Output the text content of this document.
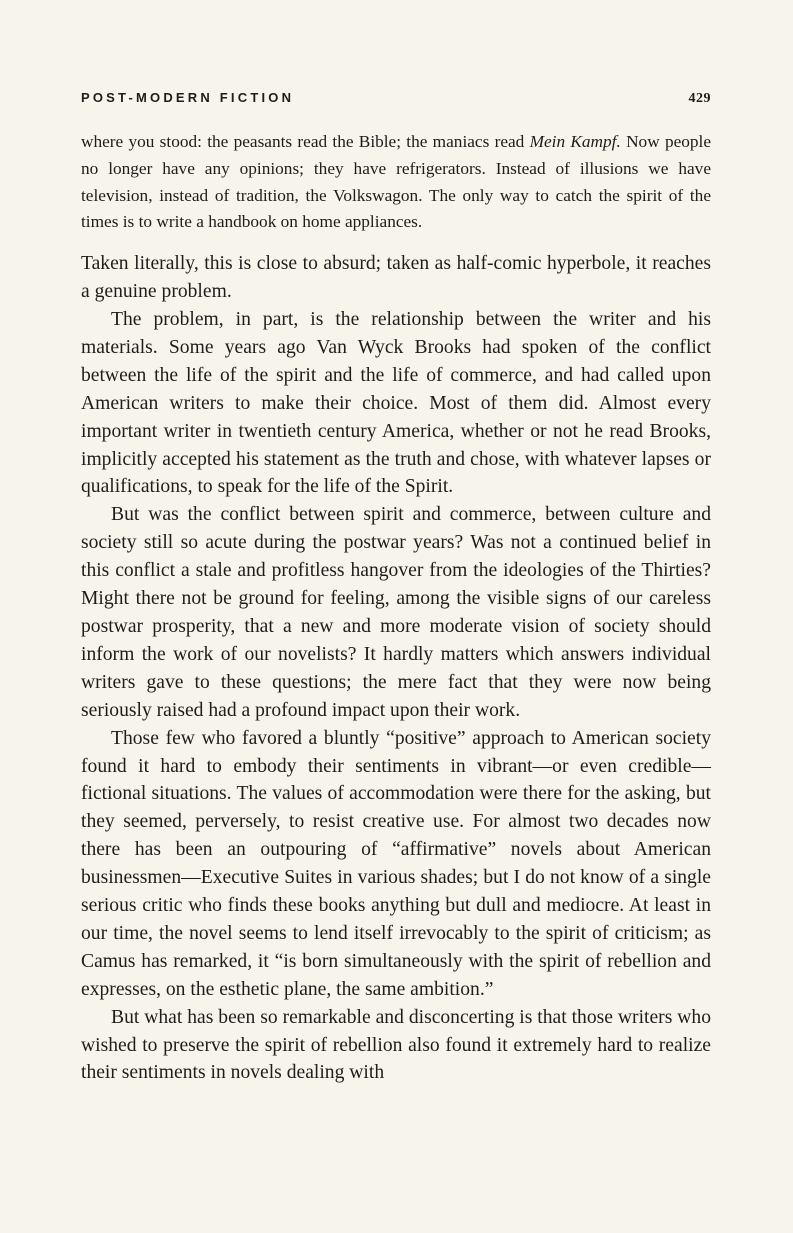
POST-MODERN FICTION	429

where you stood: the peasants read the Bible; the maniacs read Mein Kampf. Now people no longer have any opinions; they have refrigerators. Instead of illusions we have television, instead of tradition, the Volkswagon. The only way to catch the spirit of the times is to write a handbook on home appliances.

Taken literally, this is close to absurd; taken as half-comic hyperbole, it reaches a genuine problem.

The problem, in part, is the relationship between the writer and his materials. Some years ago Van Wyck Brooks had spoken of the conflict between the life of the spirit and the life of commerce, and had called upon American writers to make their choice. Most of them did. Almost every important writer in twentieth century America, whether or not he read Brooks, implicitly accepted his statement as the truth and chose, with whatever lapses or qualifications, to speak for the life of the Spirit.

But was the conflict between spirit and commerce, between culture and society still so acute during the postwar years? Was not a continued belief in this conflict a stale and profitless hangover from the ideologies of the Thirties? Might there not be ground for feeling, among the visible signs of our careless postwar prosperity, that a new and more moderate vision of society should inform the work of our novelists? It hardly matters which answers individual writers gave to these questions; the mere fact that they were now being seriously raised had a profound impact upon their work.

Those few who favored a bluntly “positive” approach to American society found it hard to embody their sentiments in vibrant—or even credible—fictional situations. The values of accommodation were there for the asking, but they seemed, perversely, to resist creative use. For almost two decades now there has been an outpouring of “affirmative” novels about American businessmen—Executive Suites in various shades; but I do not know of a single serious critic who finds these books anything but dull and mediocre. At least in our time, the novel seems to lend itself irrevocably to the spirit of criticism; as Camus has remarked, it “is born simultaneously with the spirit of rebellion and expresses, on the esthetic plane, the same ambition.”

But what has been so remarkable and disconcerting is that those writers who wished to preserve the spirit of rebellion also found it extremely hard to realize their sentiments in novels dealing with
